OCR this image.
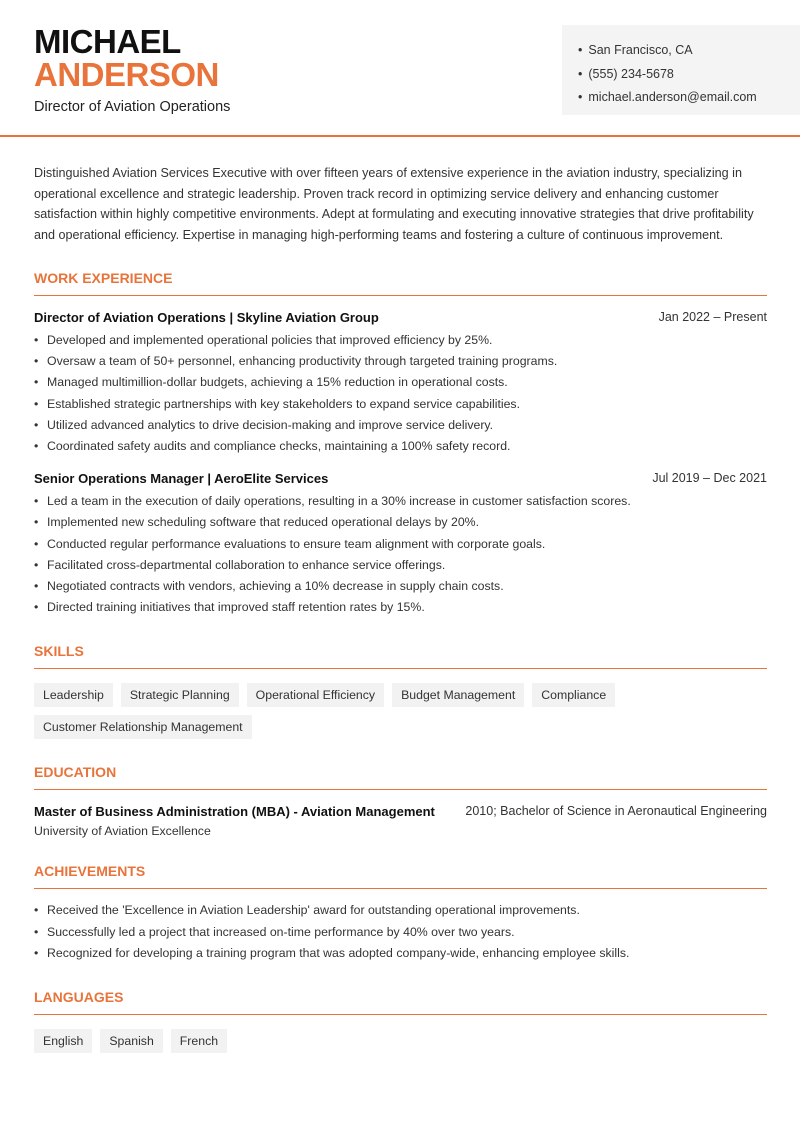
MICHAEL
ANDERSON
Director of Aviation Operations
• San Francisco, CA
• (555) 234-5678
• michael.anderson@email.com

Distinguished Aviation Services Executive with over fifteen years of extensive experience in the aviation industry, specializing in operational excellence and strategic leadership. Proven track record in optimizing service delivery and enhancing customer satisfaction within highly competitive environments. Adept at formulating and executing innovative strategies that drive profitability and operational efficiency. Expertise in managing high-performing teams and fostering a culture of continuous improvement.

WORK EXPERIENCE
Director of Aviation Operations | Skyline Aviation Group	Jan 2022 – Present
• Developed and implemented operational policies that improved efficiency by 25%.
• Oversaw a team of 50+ personnel, enhancing productivity through targeted training programs.
• Managed multimillion-dollar budgets, achieving a 15% reduction in operational costs.
• Established strategic partnerships with key stakeholders to expand service capabilities.
• Utilized advanced analytics to drive decision-making and improve service delivery.
• Coordinated safety audits and compliance checks, maintaining a 100% safety record.
Senior Operations Manager | AeroElite Services	Jul 2019 – Dec 2021
• Led a team in the execution of daily operations, resulting in a 30% increase in customer satisfaction scores.
• Implemented new scheduling software that reduced operational delays by 20%.
• Conducted regular performance evaluations to ensure team alignment with corporate goals.
• Facilitated cross-departmental collaboration to enhance service offerings.
• Negotiated contracts with vendors, achieving a 10% decrease in supply chain costs.
• Directed training initiatives that improved staff retention rates by 15%.
SKILLS
Leadership	Strategic Planning	Operational Efficiency	Budget Management	Compliance
Customer Relationship Management
EDUCATION
Master of Business Administration (MBA) - Aviation Management 2010; Bachelor of Science in Aeronautical Engineering
University of Aviation Excellence
ACHIEVEMENTS
• Received the 'Excellence in Aviation Leadership' award for outstanding operational improvements.
• Successfully led a project that increased on-time performance by 40% over two years.
• Recognized for developing a training program that was adopted company-wide, enhancing employee skills.
LANGUAGES
English	Spanish	French
